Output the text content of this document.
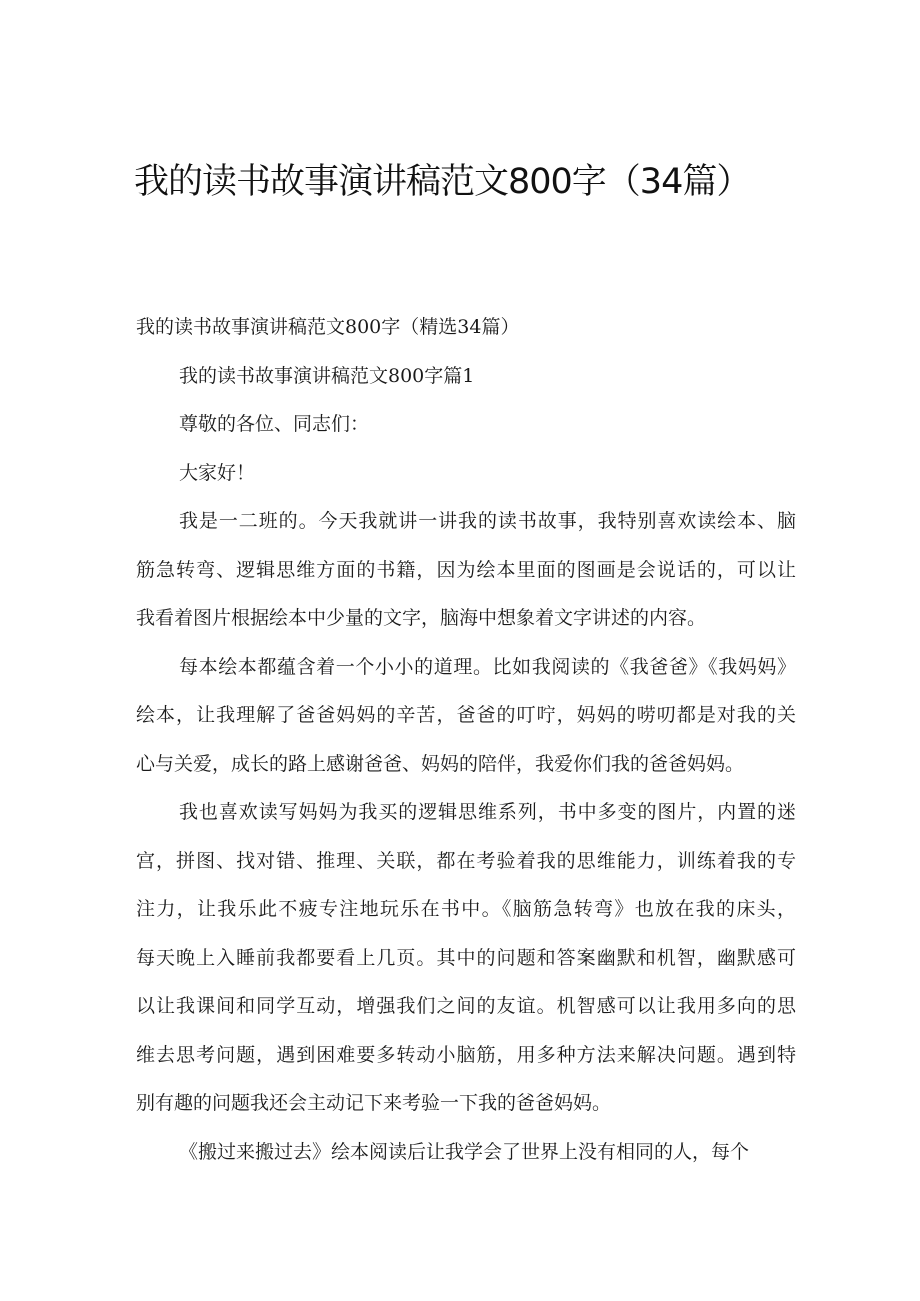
我的读书故事演讲稿范文800字（34篇）

我的读书故事演讲稿范文800字（精选34篇）

我的读书故事演讲稿范文800字篇1

尊敬的各位、同志们：

大家好！

我是一二班的。今天我就讲一讲我的读书故事，我特别喜欢读绘本、脑

筋急转弯、逻辑思维方面的书籍，因为绘本里面的图画是会说话的，可以让

我看着图片根据绘本中少量的文字，脑海中想象着文字讲述的内容。

每本绘本都蕴含着一个小小的道理。比如我阅读的《我爸爸》《我妈妈》

绘本，让我理解了爸爸妈妈的辛苦，爸爸的叮咛，妈妈的唠叨都是对我的关

心与关爱，成长的路上感谢爸爸、妈妈的陪伴，我爱你们我的爸爸妈妈。

我也喜欢读写妈妈为我买的逻辑思维系列，书中多变的图片，内置的迷

宫，拼图、找对错、推理、关联，都在考验着我的思维能力，训练着我的专

注力，让我乐此不疲专注地玩乐在书中。《脑筋急转弯》也放在我的床头，

每天晚上入睡前我都要看上几页。其中的问题和答案幽默和机智，幽默感可

以让我课间和同学互动，增强我们之间的友谊。机智感可以让我用多向的思

维去思考问题，遇到困难要多转动小脑筋，用多种方法来解决问题。遇到特

别有趣的问题我还会主动记下来考验一下我的爸爸妈妈。

《搬过来搬过去》绘本阅读后让我学会了世界上没有相同的人，每个
